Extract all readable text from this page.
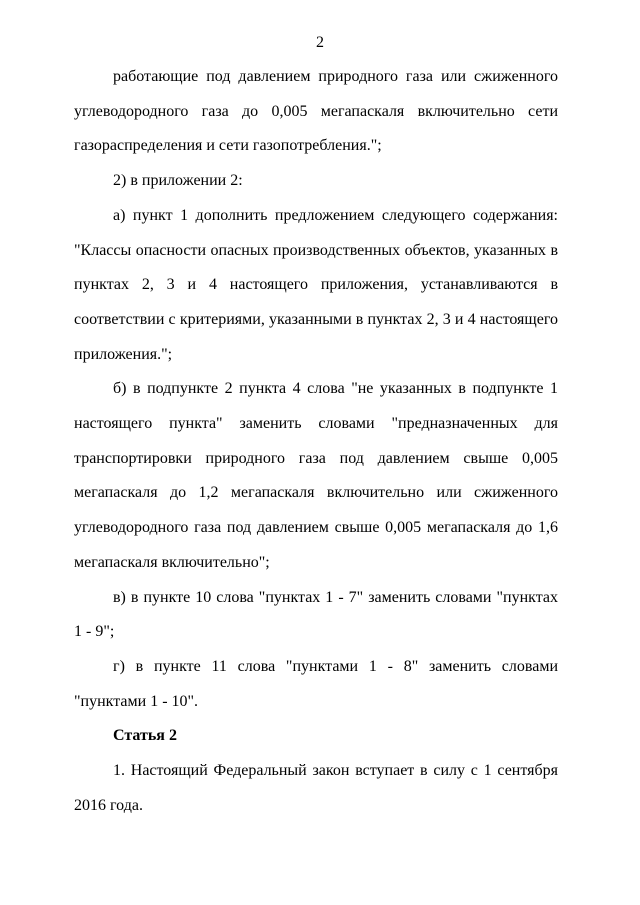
2

работающие под давлением природного газа или сжиженного углеводородного газа до 0,005 мегапаскаля включительно сети газораспределения и сети газопотребления.";

2) в приложении 2:

а) пункт 1 дополнить предложением следующего содержания: "Классы опасности опасных производственных объектов, указанных в пунктах 2, 3 и 4 настоящего приложения, устанавливаются в соответствии с критериями, указанными в пунктах 2, 3 и 4 настоящего приложения.";

б) в подпункте 2 пункта 4 слова "не указанных в подпункте 1 настоящего пункта" заменить словами "предназначенных для транспортировки природного газа под давлением свыше 0,005 мегапаскаля до 1,2 мегапаскаля включительно или сжиженного углеводородного газа под давлением свыше 0,005 мегапаскаля до 1,6 мегапаскаля включительно";

в) в пункте 10 слова "пунктах 1 - 7" заменить словами "пунктах 1 - 9";

г) в пункте 11 слова "пунктами 1 - 8" заменить словами "пунктами 1 - 10".

Статья 2

1. Настоящий Федеральный закон вступает в силу с 1 сентября 2016 года.
